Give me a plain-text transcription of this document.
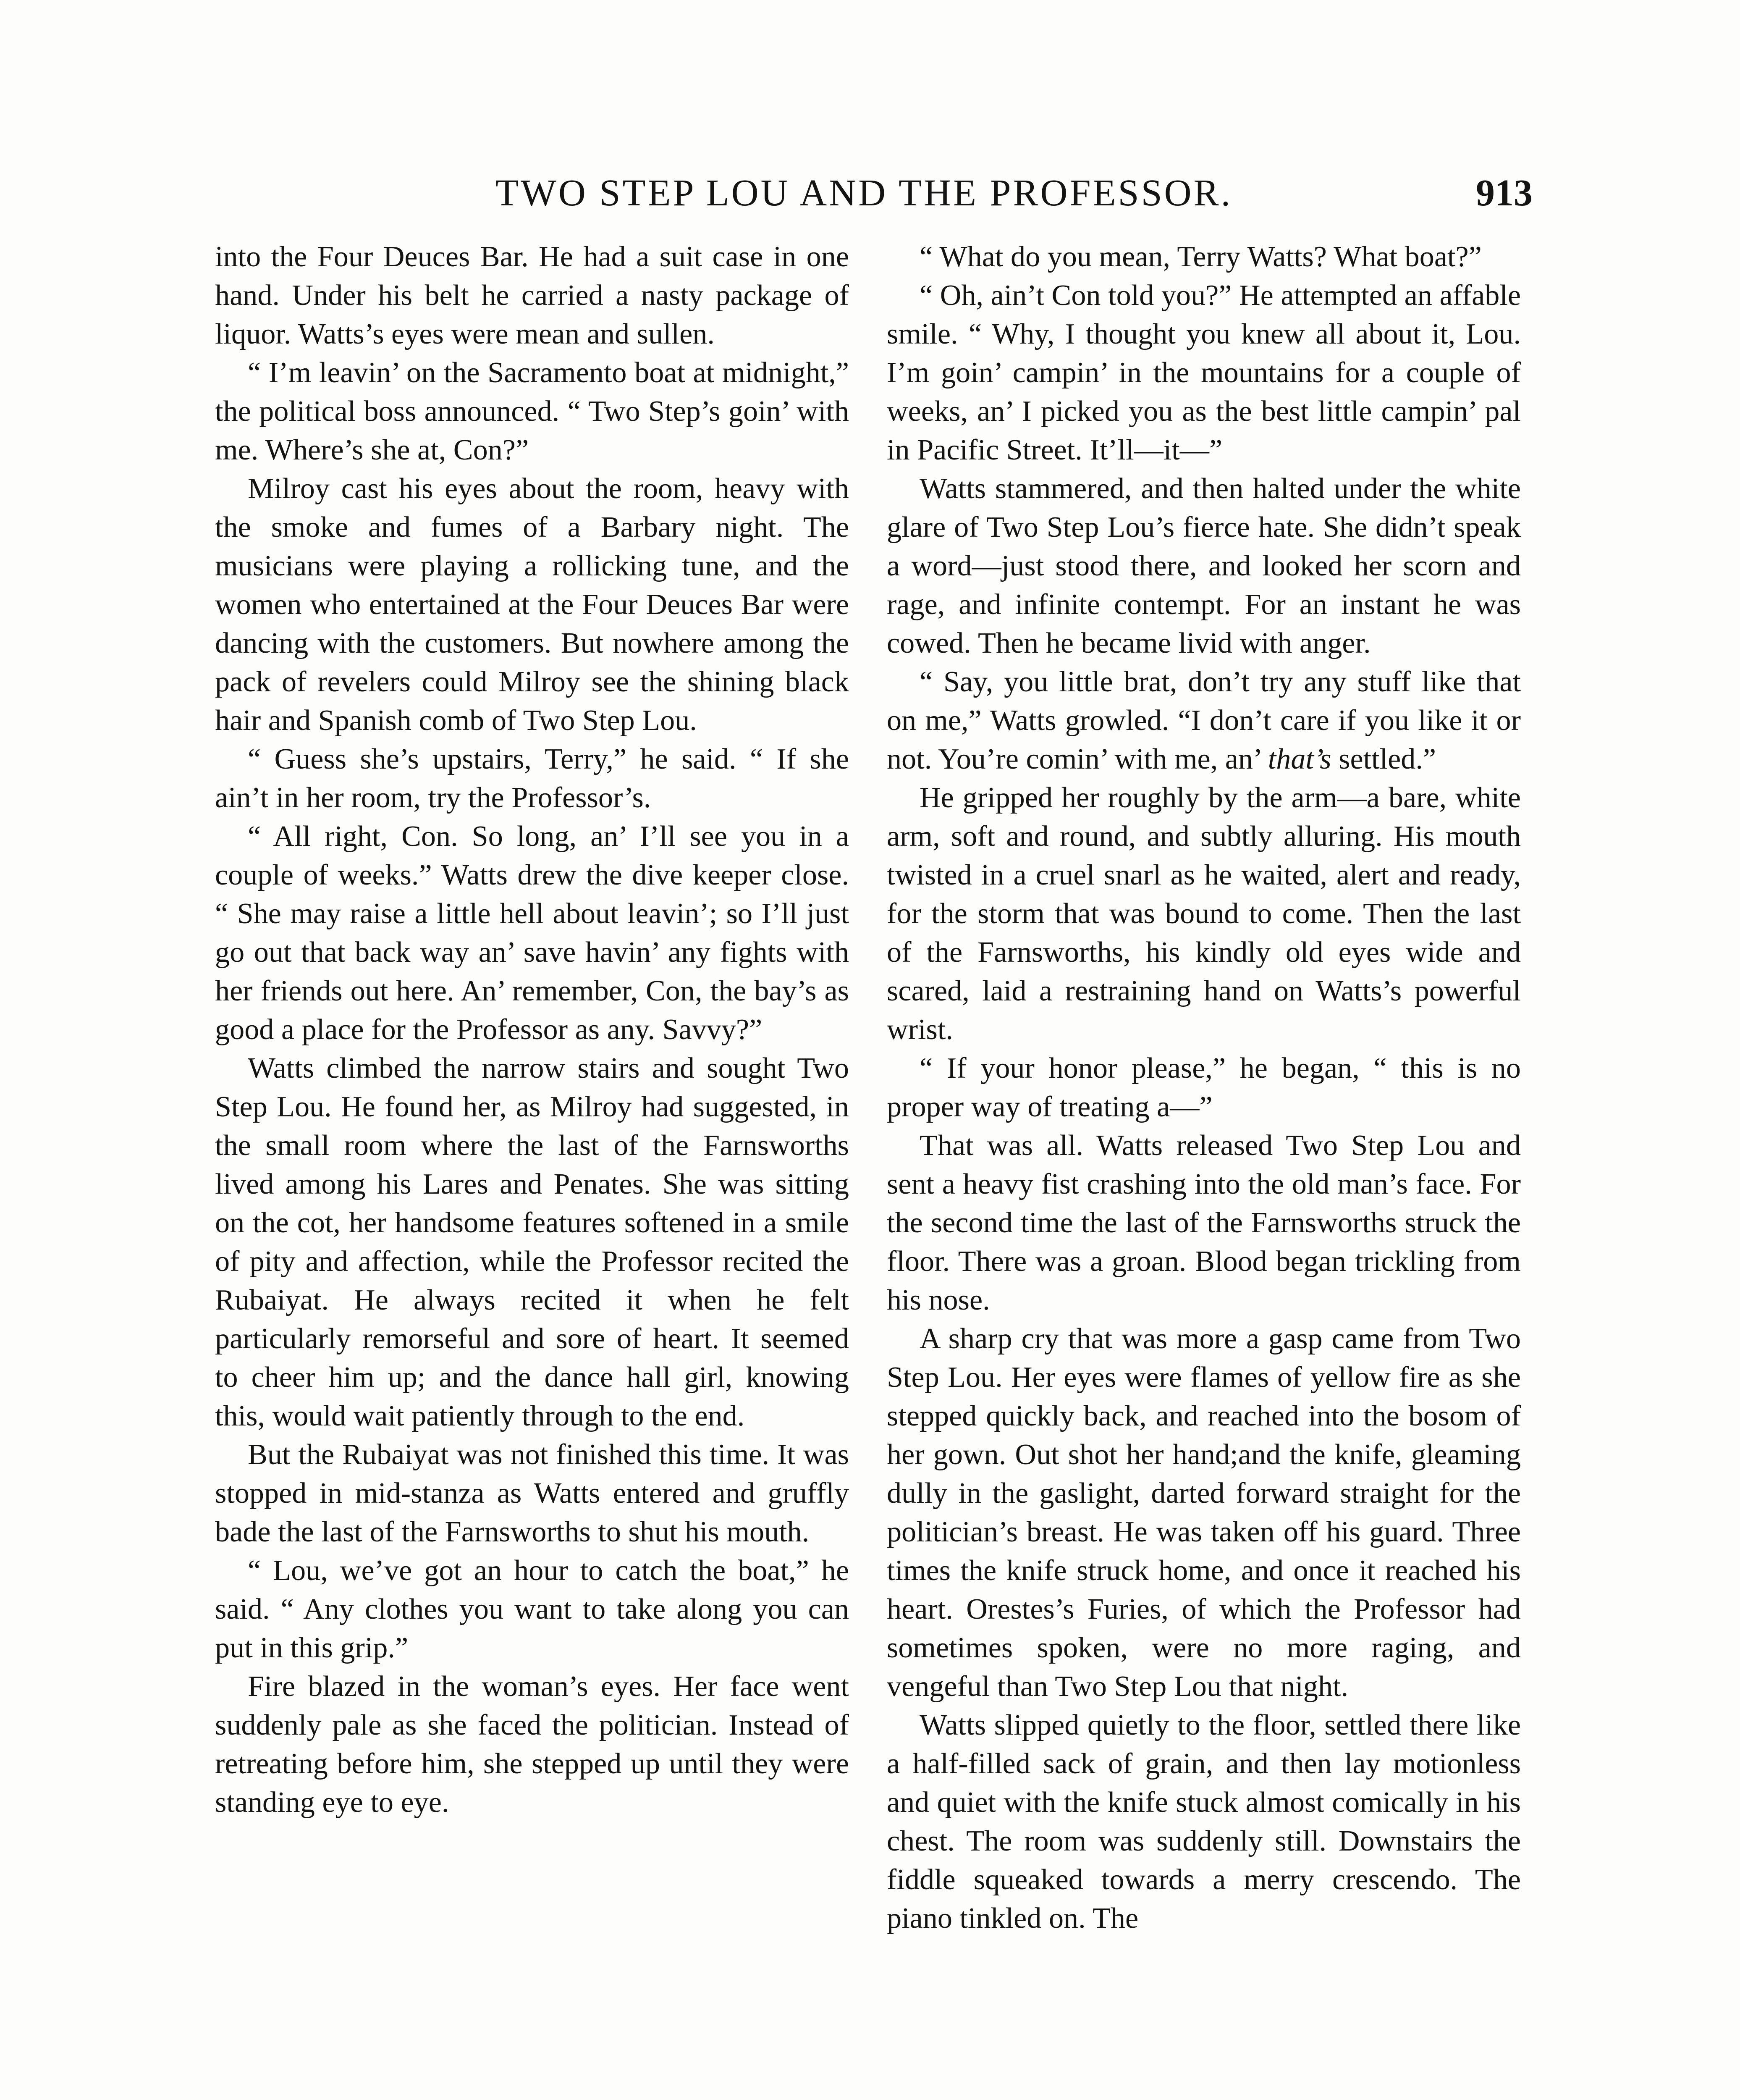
TWO STEP LOU AND THE PROFESSOR.	913

into the Four Deuces Bar. He had a suit case in one hand. Under his belt he carried a nasty package of liquor. Watts’s eyes were mean and sullen.

“ I’m leavin’ on the Sacramento boat at midnight,” the political boss announced. “ Two Step’s goin’ with me. Where’s she at, Con?”

Milroy cast his eyes about the room, heavy with the smoke and fumes of a Barbary night. The musicians were playing a rollicking tune, and the women who entertained at the Four Deuces Bar were dancing with the customers. But nowhere among the pack of revelers could Milroy see the shining black hair and Spanish comb of Two Step Lou.

“ Guess she’s upstairs, Terry,” he said. “ If she ain’t in her room, try the Professor’s.

“ All right, Con. So long, an’ I’ll see you in a couple of weeks.” Watts drew the dive keeper close. “ She may raise a little hell about leavin’; so I’ll just go out that back way an’ save havin’ any fights with her friends out here. An’ remember, Con, the bay’s as good a place for the Professor as any. Savvy?”

Watts climbed the narrow stairs and sought Two Step Lou. He found her, as Milroy had suggested, in the small room where the last of the Farnsworths lived among his Lares and Penates. She was sitting on the cot, her handsome features softened in a smile of pity and affection, while the Professor recited the Rubaiyat. He always recited it when he felt particularly remorseful and sore of heart. It seemed to cheer him up; and the dance hall girl, knowing this, would wait patiently through to the end.

But the Rubaiyat was not finished this time. It was stopped in mid-stanza as Watts entered and gruffly bade the last of the Farnsworths to shut his mouth.

“ Lou, we’ve got an hour to catch the boat,” he said. “ Any clothes you want to take along you can put in this grip.”

Fire blazed in the woman’s eyes. Her face went suddenly pale as she faced the politician. Instead of retreating before him, she stepped up until they were standing eye to eye.

“ What do you mean, Terry Watts? What boat?”

“ Oh, ain’t Con told you?” He attempted an affable smile. “ Why, I thought you knew all about it, Lou. I’m goin’ campin’ in the mountains for a couple of weeks, an’ I picked you as the best little campin’ pal in Pacific Street. It’ll—it—”

Watts stammered, and then halted under the white glare of Two Step Lou’s fierce hate. She didn’t speak a word—just stood there, and looked her scorn and rage, and infinite contempt. For an instant he was cowed. Then he became livid with anger.

“ Say, you little brat, don’t try any stuff like that on me,” Watts growled. “I don’t care if you like it or not. You’re comin’ with me, an’ that’s settled.”

He gripped her roughly by the arm—a bare, white arm, soft and round, and subtly alluring. His mouth twisted in a cruel snarl as he waited, alert and ready, for the storm that was bound to come. Then the last of the Farnsworths, his kindly old eyes wide and scared, laid a restraining hand on Watts’s powerful wrist.

“ If your honor please,” he began, “ this is no proper way of treating a—”

That was all. Watts released Two Step Lou and sent a heavy fist crashing into the old man’s face. For the second time the last of the Farnsworths struck the floor. There was a groan. Blood began trickling from his nose.

A sharp cry that was more a gasp came from Two Step Lou. Her eyes were flames of yellow fire as she stepped quickly back, and reached into the bosom of her gown. Out shot her hand;and the knife, gleaming dully in the gaslight, darted forward straight for the politician’s breast. He was taken off his guard. Three times the knife struck home, and once it reached his heart. Orestes’s Furies, of which the Professor had sometimes spoken, were no more raging, and vengeful than Two Step Lou that night.

Watts slipped quietly to the floor, settled there like a half-filled sack of grain, and then lay motionless and quiet with the knife stuck almost comically in his chest. The room was suddenly still. Downstairs the fiddle squeaked towards a merry crescendo. The piano tinkled on. The
